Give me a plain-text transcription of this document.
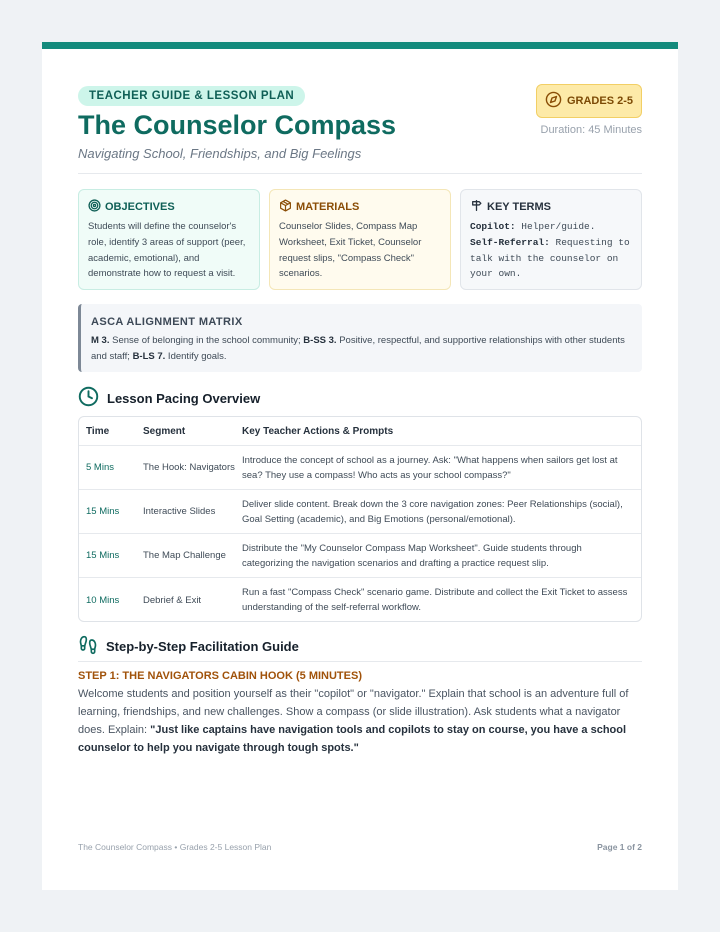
TEACHER GUIDE & LESSON PLAN
The Counselor Compass
Navigating School, Friendships, and Big Feelings
GRADES 2-5
Duration: 45 Minutes
OBJECTIVES
Students will define the counselor's role, identify 3 areas of support (peer, academic, emotional), and demonstrate how to request a visit.
MATERIALS
Counselor Slides, Compass Map Worksheet, Exit Ticket, Counselor request slips, "Compass Check" scenarios.
KEY TERMS
Copilot: Helper/guide.
Self-Referral: Requesting to talk with the counselor on your own.
ASCA ALIGNMENT MATRIX
M 3. Sense of belonging in the school community; B-SS 3. Positive, respectful, and supportive relationships with other students and staff; B-LS 7. Identify goals.
Lesson Pacing Overview
Time	Segment	Key Teacher Actions & Prompts
5 Mins	The Hook: Navigators
Introduce the concept of school as a journey. Ask: "What happens when sailors get lost at sea? They use a compass! Who acts as your school compass?"
15 Mins	Interactive Slides
Deliver slide content. Break down the 3 core navigation zones: Peer Relationships (social), Goal Setting (academic), and Big Emotions (personal/emotional).
15 Mins	The Map Challenge
Distribute the "My Counselor Compass Map Worksheet". Guide students through categorizing the navigation scenarios and drafting a practice request slip.
10 Mins	Debrief & Exit
Run a fast "Compass Check" scenario game. Distribute and collect the Exit Ticket to assess understanding of the self-referral workflow.
Step-by-Step Facilitation Guide
STEP 1: THE NAVIGATORS CABIN HOOK (5 MINUTES)
Welcome students and position yourself as their "copilot" or "navigator." Explain that school is an adventure full of learning, friendships, and new challenges. Show a compass (or slide illustration). Ask students what a navigator does. Explain: "Just like captains have navigation tools and copilots to stay on course, you have a school counselor to help you navigate through tough spots."
The Counselor Compass • Grades 2-5 Lesson Plan	Page 1 of 2
